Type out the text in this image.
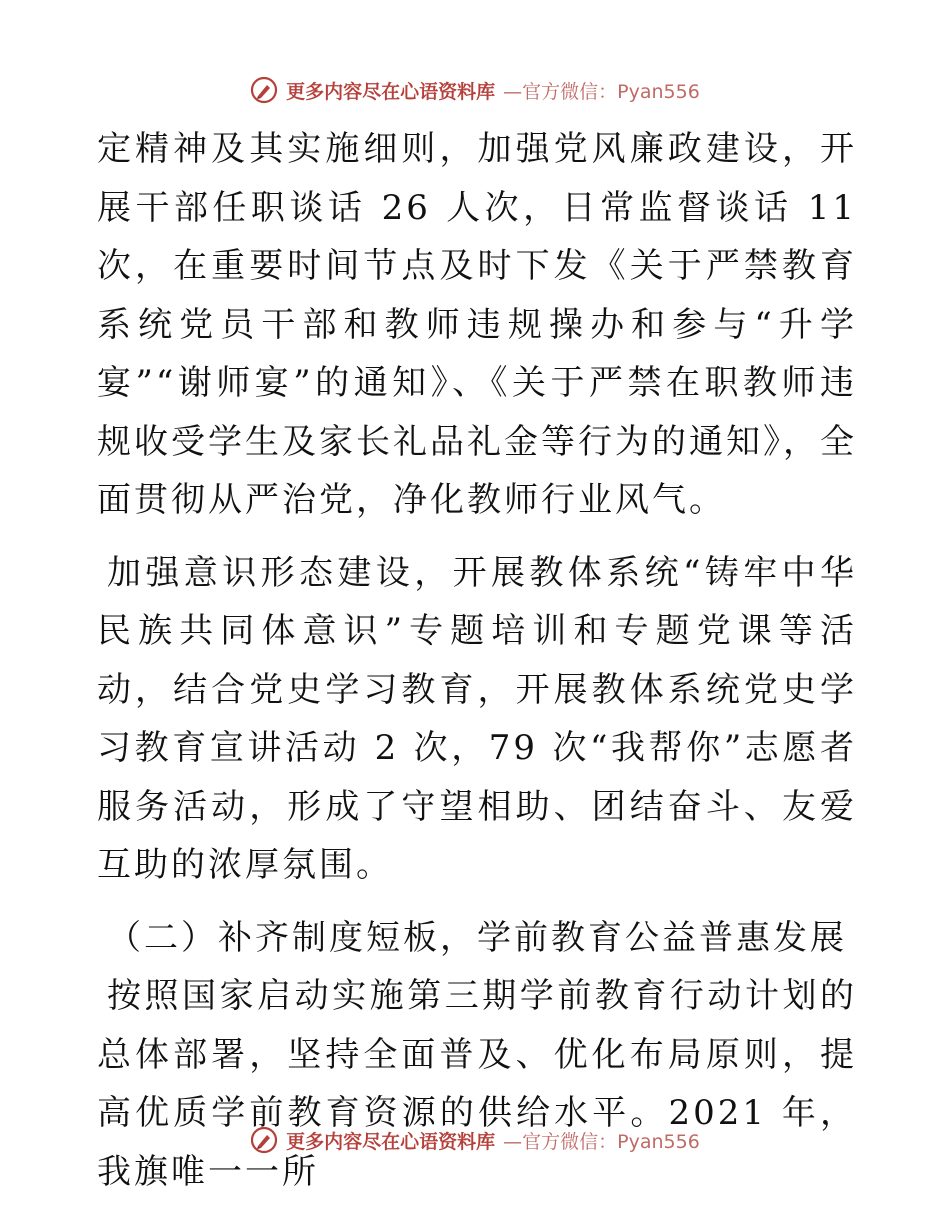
更多内容尽在心语资料库 —官方微信：Pyan556

定精神及其实施细则，加强党风廉政建设，开展干部任职谈话 26 人次，日常监督谈话 11 次，在重要时间节点及时下发《关于严禁教育系统党员干部和教师违规操办和参与“升学宴”“谢师宴”的通知》、《关于严禁在职教师违规收受学生及家长礼品礼金等行为的通知》，全面贯彻从严治党，净化教师行业风气。

加强意识形态建设，开展教体系统“铸牢中华民族共同体意识”专题培训和专题党课等活动，结合党史学习教育，开展教体系统党史学习教育宣讲活动 2 次，79 次“我帮你”志愿者服务活动，形成了守望相助、团结奋斗、友爱互助的浓厚氛围。

（二）补齐制度短板，学前教育公益普惠发展

按照国家启动实施第三期学前教育行动计划的总体部署，坚持全面普及、优化布局原则，提高优质学前教育资源的供给水平。2021 年，我旗唯一一所

更多内容尽在心语资料库 —官方微信：Pyan556
